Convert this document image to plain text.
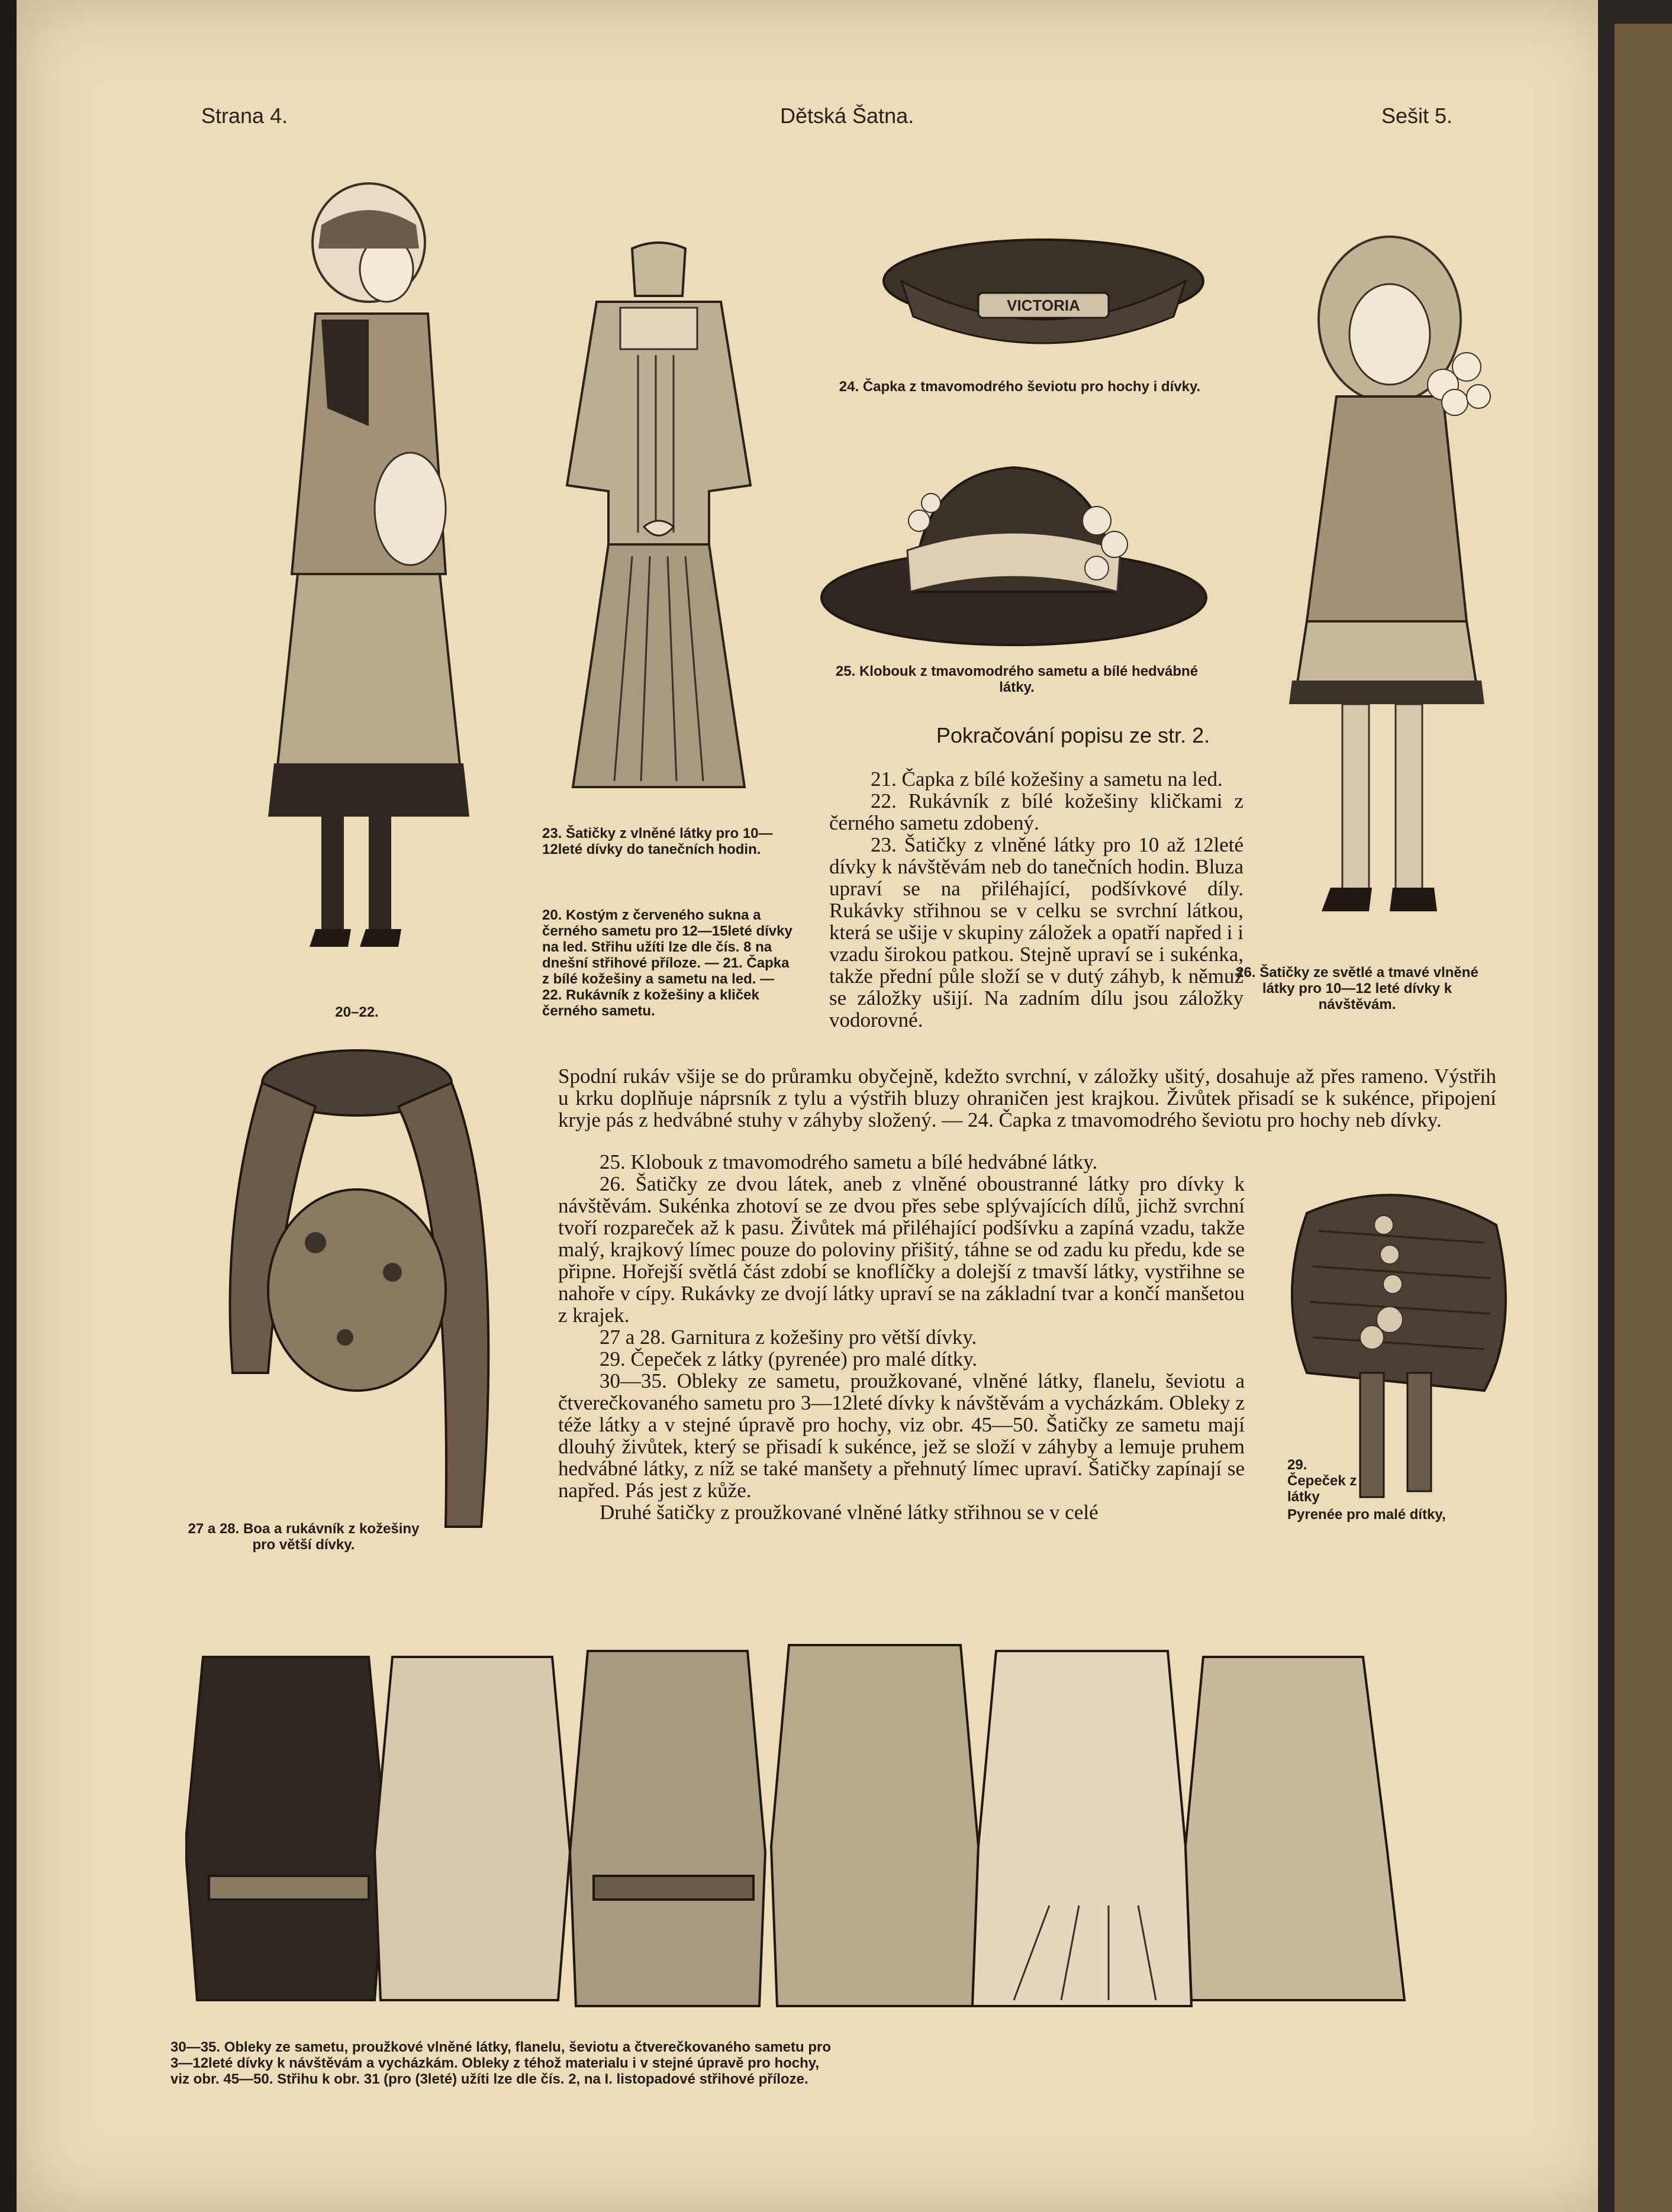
Strana 4.	Dětská Šatna.	Sešit 5.
20–22.
23. Šatičky z vlněné látky pro 10—12leté dívky do tanečních hodin.
20. Kostým z červeného sukna a černého sametu pro 12—15leté dívky na led. Střihu užíti lze dle čís. 8 na dnešní střihové příloze. — 21. Čapka z bílé kožešiny a sametu na led. — 22. Rukávník z kožešiny a kliček černého sametu.
VICTORIA
24. Čapka z tmavomodrého ševiotu pro hochy i dívky.
25. Klobouk z tmavomodrého sametu a bílé hedvábné látky.
26. Šatičky ze světlé a tmavé vlněné látky pro 10—12 leté dívky k návštěvám.
27 a 28. Boa a rukávník z kožešiny pro větší dívky.
29. Čepeček z látky
Pyrenée pro malé dítky,
Pokračování popisu ze str. 2.

21. Čapka z bílé kožešiny a sametu na led.

22. Rukávník z bílé kožešiny kličkami z černého sametu zdobený.

23. Šatičky z vlněné látky pro 10 až 12leté dívky k návštěvám neb do tanečních hodin. Bluza upraví se na přiléhající, podšívkové díly. Rukávky střihnou se v celku se svrchní látkou, která se ušije v skupiny záložek a opatří napřed i i vzadu širokou patkou. Stejně upraví se i sukénka, takže přední půle složí se v dutý záhyb, k němuž se záložky ušijí. Na zadním dílu jsou záložky vodorovné.

Spodní rukáv všije se do průramku obyčejně, kdežto svrchní, v záložky ušitý, dosahuje až přes rameno. Výstřih u krku doplňuje náprsník z tylu a výstřih bluzy ohraničen jest krajkou. Živůtek přisadí se k sukénce, připojení kryje pás z hedvábné stuhy v záhyby složený. — 24. Čapka z tmavomodrého ševiotu pro hochy neb dívky.

25. Klobouk z tmavomodrého sametu a bílé hedvábné látky.

26. Šatičky ze dvou látek, aneb z vlněné oboustranné látky pro dívky k návštěvám. Sukénka zhotoví se ze dvou přes sebe splývajících dílů, jichž svrchní tvoří rozpareček až k pasu. Živůtek má přiléhající podšívku a zapíná vzadu, takže malý, krajkový límec pouze do poloviny přišitý, táhne se od zadu ku předu, kde se připne. Hořejší světlá část zdobí se knoflíčky a dolejší z tmavší látky, vystřihne se nahoře v cípy. Rukávky ze dvojí látky upraví se na základní tvar a končí manšetou z krajek.

27 a 28. Garnitura z kožešiny pro větší dívky.

29. Čepeček z látky (pyrenée) pro malé dítky.

30—35. Obleky ze sametu, proužkované, vlněné látky, flanelu, ševiotu a čtverečkovaného sametu pro 3—12leté dívky k návštěvám a vycházkám. Obleky z téže látky a v stejné úpravě pro hochy, viz obr. 45—50. Šatičky ze sametu mají dlouhý živůtek, který se přisadí k sukénce, jež se složí v záhyby a lemuje pruhem hedvábné látky, z níž se také manšety a přehnutý límec upraví. Šatičky zapínají se napřed. Pás jest z kůže.

Druhé šatičky z proužkované vlněné látky střihnou se v celé

30—35. Obleky ze sametu, proužkové vlněné látky, flanelu, ševiotu a čtverečkovaného sametu pro 3—12leté dívky k návštěvám a vycházkám. Obleky z téhož materialu i v stejné úpravě pro hochy, viz obr. 45—50. Střihu k obr. 31 (pro (3leté) užíti lze dle čís. 2, na I. listopadové střihové příloze.
